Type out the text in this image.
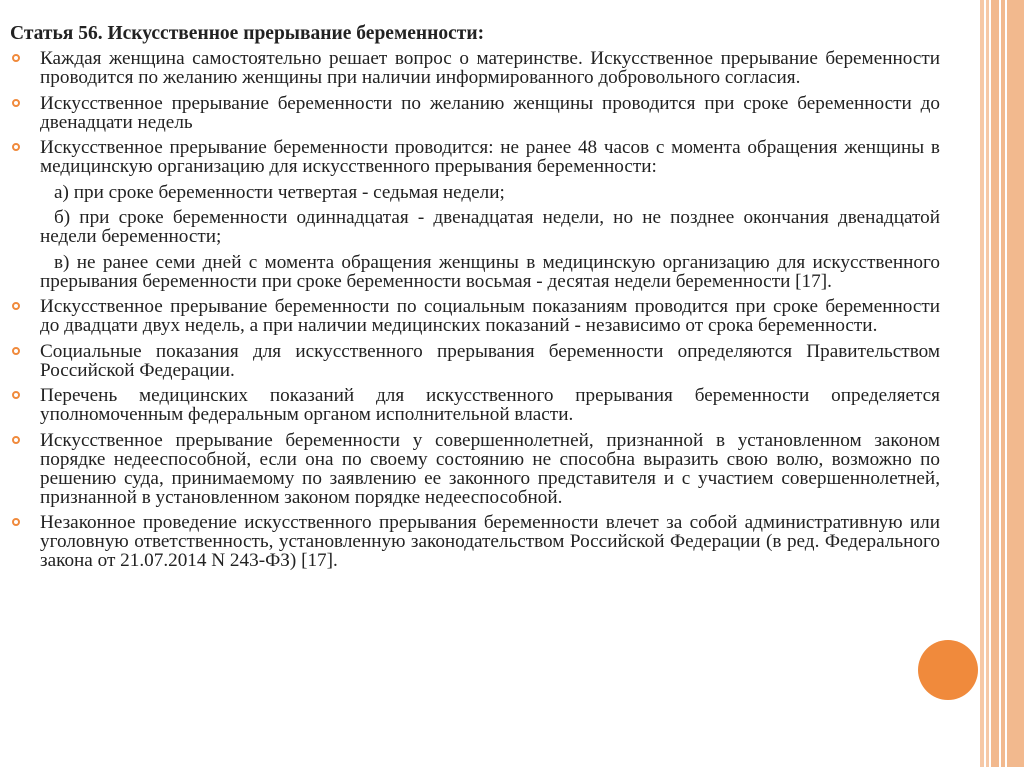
Статья 56. Искусственное прерывание беременности:
Каждая женщина самостоятельно решает вопрос о материнстве. Искусственное прерывание беременности проводится по желанию женщины при наличии информированного добровольного согласия.
Искусственное прерывание беременности по желанию женщины проводится при сроке беременности до двенадцати недель
Искусственное прерывание беременности проводится: не ранее 48 часов с момента обращения женщины в медицинскую организацию для искусственного прерывания беременности:
а) при сроке беременности четвертая - седьмая недели;
б) при сроке беременности одиннадцатая - двенадцатая недели, но не позднее окончания двенадцатой недели беременности;
в) не ранее семи дней с момента обращения женщины в медицинскую организацию для искусственного прерывания беременности при сроке беременности восьмая - десятая недели беременности [17].
Искусственное прерывание беременности по социальным показаниям проводится при сроке беременности до двадцати двух недель, а при наличии медицинских показаний - независимо от срока беременности.
Социальные показания для искусственного прерывания беременности определяются Правительством Российской Федерации.
Перечень медицинских показаний для искусственного прерывания беременности определяется уполномоченным федеральным органом исполнительной власти.
Искусственное прерывание беременности у совершеннолетней, признанной в установленном законом порядке недееспособной, если она по своему состоянию не способна выразить свою волю, возможно по решению суда, принимаемому по заявлению ее законного представителя и с участием совершеннолетней, признанной в установленном законом порядке недееспособной.
Незаконное проведение искусственного прерывания беременности влечет за собой административную или уголовную ответственность, установленную законодательством Российской Федерации (в ред. Федерального закона от 21.07.2014 N 243-ФЗ) [17].
